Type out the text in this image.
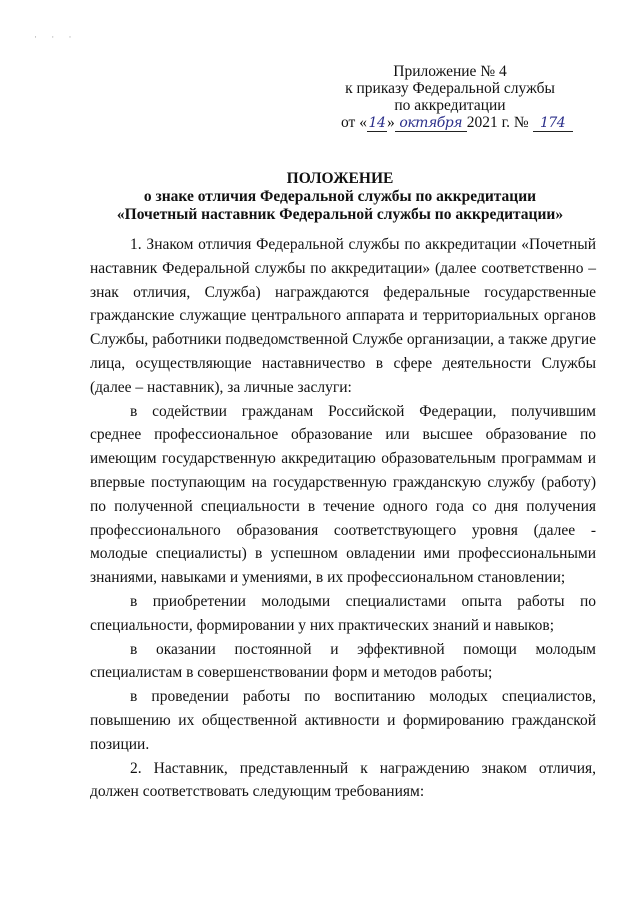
· · ·
Приложение № 4
к приказу Федеральной службы
по аккредитации
от « 14 » октября 2021 г. № 174
ПОЛОЖЕНИЕ
о знаке отличия Федеральной службы по аккредитации
«Почетный наставник Федеральной службы по аккредитации»

1. Знаком отличия Федеральной службы по аккредитации «Почетный наставник Федеральной службы по аккредитации» (далее соответственно – знак отличия, Служба) награждаются федеральные государственные гражданские служащие центрального аппарата и территориальных органов Службы, работники подведомственной Службе организации, а также другие лица, осуществляющие наставничество в сфере деятельности Службы (далее – наставник), за личные заслуги:

в содействии гражданам Российской Федерации, получившим среднее профессиональное образование или высшее образование по имеющим государственную аккредитацию образовательным программам и впервые поступающим на государственную гражданскую службу (работу) по полученной специальности в течение одного года со дня получения профессионального образования соответствующего уровня (далее - молодые специалисты) в успешном овладении ими профессиональными знаниями, навыками и умениями, в их профессиональном становлении;

в приобретении молодыми специалистами опыта работы по специальности, формировании у них практических знаний и навыков;

в оказании постоянной и эффективной помощи молодым специалистам в совершенствовании форм и методов работы;

в проведении работы по воспитанию молодых специалистов, повышению их общественной активности и формированию гражданской позиции.

2. Наставник, представленный к награждению знаком отличия, должен соответствовать следующим требованиям:
